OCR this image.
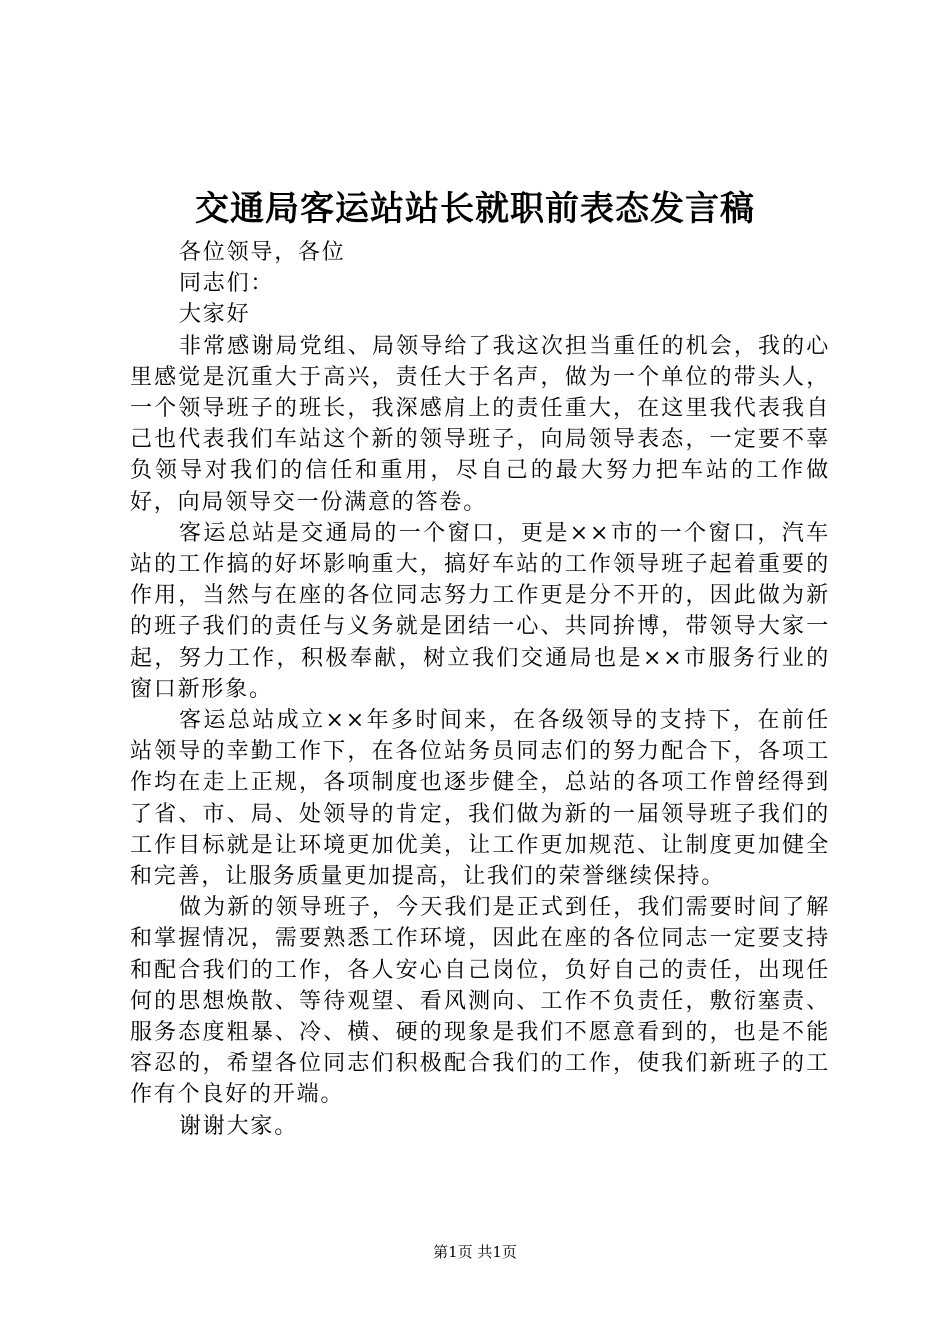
交通局客运站站长就职前表态发言稿

各位领导，各位

同志们：

大家好

非常感谢局党组、局领导给了我这次担当重任的机会，我的心里感觉是沉重大于高兴，责任大于名声，做为一个单位的带头人，一个领导班子的班长，我深感肩上的责任重大，在这里我代表我自己也代表我们车站这个新的领导班子，向局领导表态，一定要不辜负领导对我们的信任和重用，尽自己的最大努力把车站的工作做好，向局领导交一份满意的答卷。

客运总站是交通局的一个窗口，更是××市的一个窗口，汽车站的工作搞的好坏影响重大，搞好车站的工作领导班子起着重要的作用，当然与在座的各位同志努力工作更是分不开的，因此做为新的班子我们的责任与义务就是团结一心、共同拚博，带领导大家一起，努力工作，积极奉献，树立我们交通局也是××市服务行业的窗口新形象。

客运总站成立××年多时间来，在各级领导的支持下，在前任站领导的幸勤工作下，在各位站务员同志们的努力配合下，各项工作均在走上正规，各项制度也逐步健全，总站的各项工作曾经得到了省、市、局、处领导的肯定，我们做为新的一届领导班子我们的工作目标就是让环境更加优美，让工作更加规范、让制度更加健全和完善，让服务质量更加提高，让我们的荣誉继续保持。

做为新的领导班子，今天我们是正式到任，我们需要时间了解和掌握情况，需要熟悉工作环境，因此在座的各位同志一定要支持和配合我们的工作，各人安心自己岗位，负好自己的责任，出现任何的思想焕散、等待观望、看风测向、工作不负责任，敷衍塞责、服务态度粗暴、冷、横、硬的现象是我们不愿意看到的，也是不能容忍的，希望各位同志们积极配合我们的工作，使我们新班子的工作有个良好的开端。

谢谢大家。

第1页 共1页
